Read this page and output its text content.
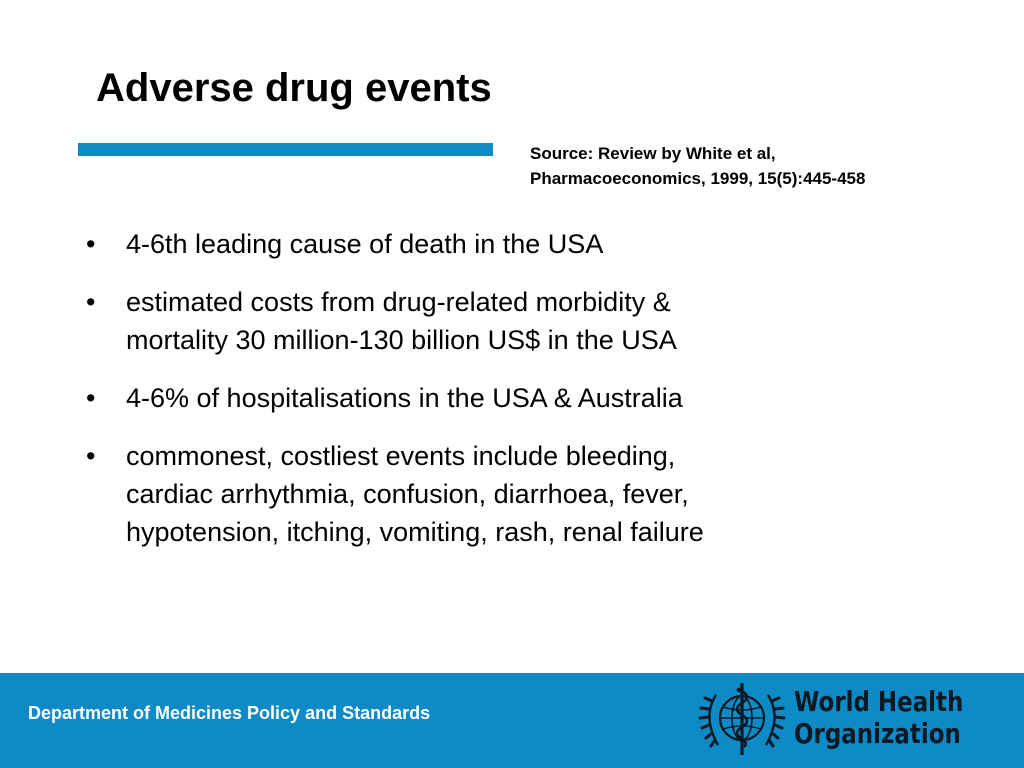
Adverse drug events
Source: Review by White et al,
Pharmacoeconomics, 1999, 15(5):445-458
•	4-6th leading cause of death in the USA
•	estimated costs from drug-related morbidity &
mortality 30 million-130 billion US$ in the USA
•	4-6% of hospitalisations in the USA & Australia
•	commonest, costliest events include bleeding,
cardiac arrhythmia, confusion, diarrhoea, fever,
hypotension, itching, vomiting, rash, renal failure
Department of Medicines Policy and Standards	World Health
Organization
